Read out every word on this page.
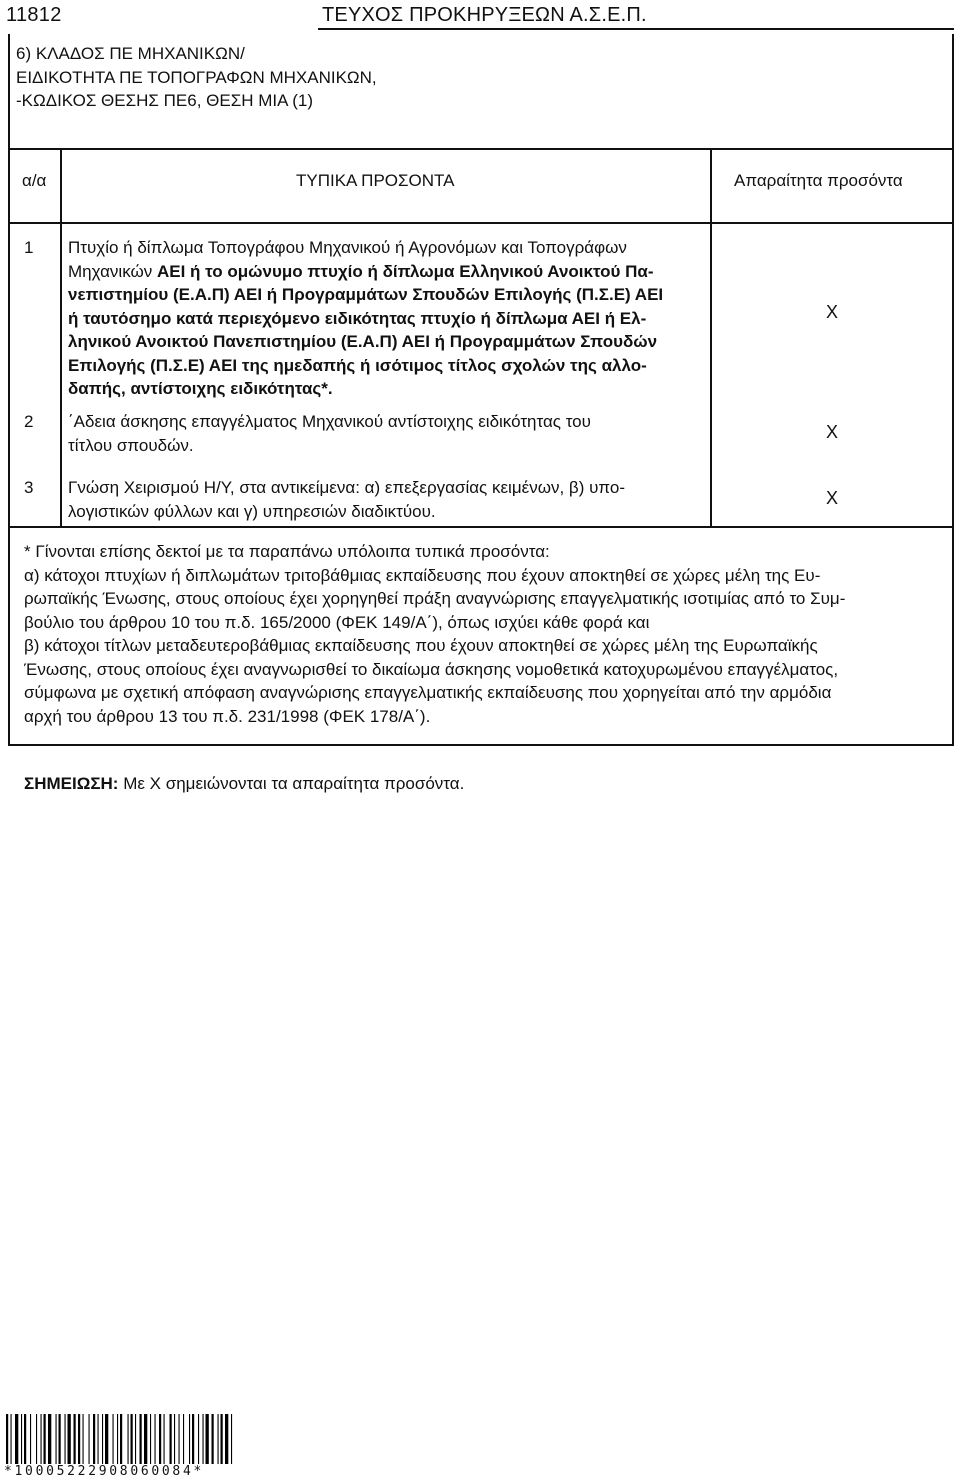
11812	ΤΕΥΧΟΣ ΠΡΟΚΗΡΥΞΕΩΝ Α.Σ.Ε.Π.
6) ΚΛΑΔΟΣ ΠΕ ΜΗΧΑΝΙΚΩΝ/
ΕΙΔΙΚΟΤΗΤΑ ΠΕ ΤΟΠΟΓΡΑΦΩΝ ΜΗΧΑΝΙΚΩΝ,
-ΚΩΔΙΚΟΣ ΘΕΣΗΣ ΠΕ6, ΘΕΣΗ ΜΙΑ (1)
α/α	ΤΥΠΙΚΑ ΠΡΟΣΟΝΤΑ	Απαραίτητα προσόντα
1 Πτυχίο ή δίπλωμα Τοπογράφου Μηχανικού ή Αγρονόμων και Τοπογράφων
Μηχανικών ΑΕΙ ή το ομώνυμο πτυχίο ή δίπλωμα Ελληνικού Ανοικτού Πα-
νεπιστημίου (Ε.Α.Π) ΑΕΙ ή Προγραμμάτων Σπουδών Επιλογής (Π.Σ.Ε) ΑΕΙ
ή ταυτόσημο κατά περιεχόμενο ειδικότητας πτυχίο ή δίπλωμα ΑΕΙ ή Ελ-
ληνικού Ανοικτού Πανεπιστημίου (Ε.Α.Π) ΑΕΙ ή Προγραμμάτων Σπουδών
Επιλογής (Π.Σ.Ε) ΑΕΙ της ημεδαπής ή ισότιμος τίτλος σχολών της αλλο-
δαπής, αντίστοιχης ειδικότητας*.
Χ
2 ΄Αδεια άσκησης επαγγέλματος Μηχανικού αντίστοιχης ειδικότητας του
τίτλου σπουδών.
Χ
3 Γνώση Χειρισμού Η/Υ, στα αντικείμενα: α) επεξεργασίας κειμένων, β) υπο-
λογιστικών φύλλων και γ) υπηρεσιών διαδικτύου.
Χ
* Γίνονται επίσης δεκτοί με τα παραπάνω υπόλοιπα τυπικά προσόντα:
α) κάτοχοι πτυχίων ή διπλωμάτων τριτοβάθμιας εκπαίδευσης που έχουν αποκτηθεί σε χώρες μέλη της Ευ-
ρωπαϊκής Ένωσης, στους οποίους έχει χορηγηθεί πράξη αναγνώρισης επαγγελματικής ισοτιμίας από το Συμ-
βούλιο του άρθρου 10 του π.δ. 165/2000 (ΦΕΚ 149/Α΄), όπως ισχύει κάθε φορά και
β) κάτοχοι τίτλων μεταδευτεροβάθμιας εκπαίδευσης που έχουν αποκτηθεί σε χώρες μέλη της Ευρωπαϊκής
Ένωσης, στους οποίους έχει αναγνωρισθεί το δικαίωμα άσκησης νομοθετικά κατοχυρωμένου επαγγέλματος,
σύμφωνα με σχετική απόφαση αναγνώρισης επαγγελματικής εκπαίδευσης που χορηγείται από την αρμόδια
αρχή του άρθρου 13 του π.δ. 231/1998 (ΦΕΚ 178/Α΄).
ΣΗΜΕΙΩΣΗ: Με Χ σημειώνονται τα απαραίτητα προσόντα.
*10005222908060084*
